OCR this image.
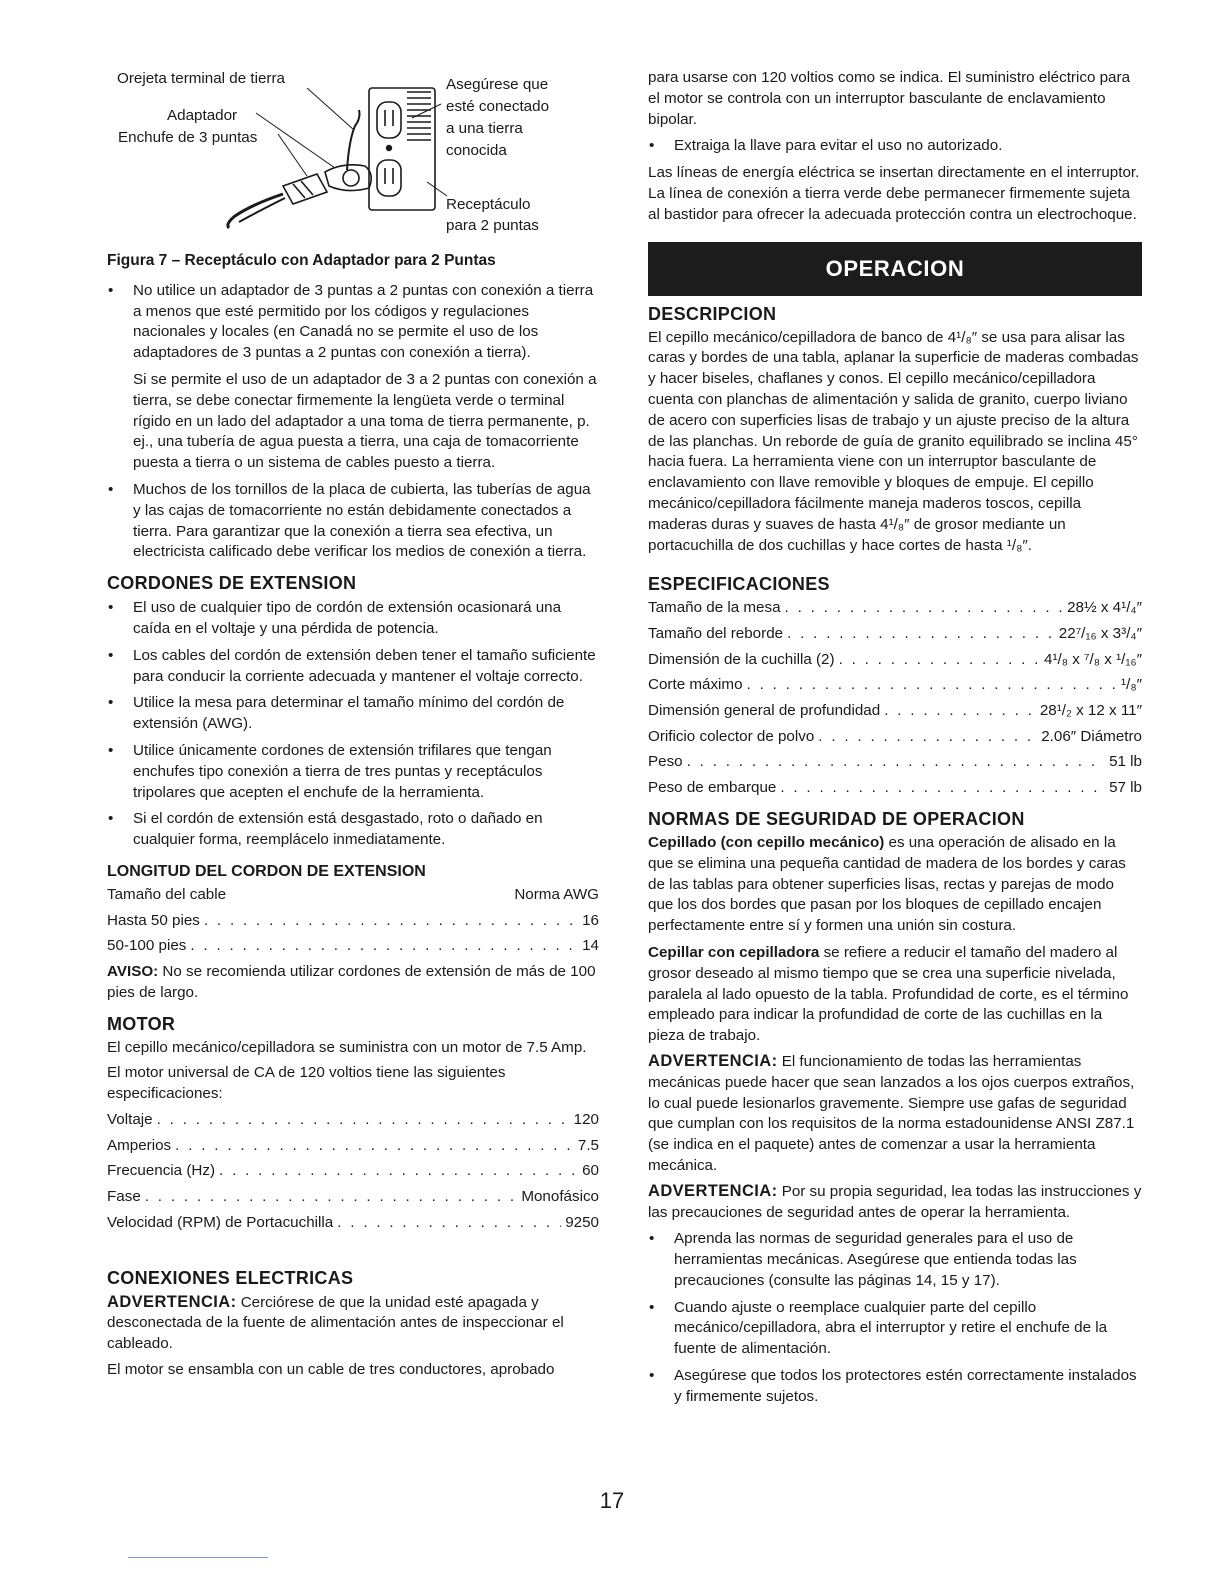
Orejeta terminal de tierra
Adaptador
Enchufe de 3 puntas
Asegúrese que
esté conectado
a una tierra
conocida
Receptáculo
para 2 puntas

Figura 7 – Receptáculo con Adaptador para 2 Puntas

• No utilice un adaptador de 3 puntas a 2 puntas con conexión a tierra a menos que esté permitido por los códigos y regulaciones nacionales y locales (en Canadá no se permite el uso de los adaptadores de 3 puntas a 2 puntas con conexión a tierra).

Si se permite el uso de un adaptador de 3 a 2 puntas con conexión a tierra, se debe conectar firmemente la lengüeta verde o terminal rígido en un lado del adaptador a una toma de tierra permanente, p. ej., una tubería de agua puesta a tierra, una caja de tomacorriente puesta a tierra o un sistema de cables puesto a tierra.

• Muchos de los tornillos de la placa de cubierta, las tuberías de agua y las cajas de tomacorriente no están debidamente conectados a tierra. Para garantizar que la conexión a tierra sea efectiva, un electricista calificado debe verificar los medios de conexión a tierra.
CORDONES DE EXTENSION
• El uso de cualquier tipo de cordón de extensión ocasionará una caída en el voltaje y una pérdida de potencia.
• Los cables del cordón de extensión deben tener el tamaño suficiente para conducir la corriente adecuada y mantener el voltaje correcto.
• Utilice la mesa para determinar el tamaño mínimo del cordón de extensión (AWG).
• Utilice únicamente cordones de extensión trifilares que tengan enchufes tipo conexión a tierra de tres puntas y receptáculos tripolares que acepten el enchufe de la herramienta.
• Si el cordón de extensión está desgastado, roto o dañado en cualquier forma, reemplácelo inmediatamente.
LONGITUD DEL CORDON DE EXTENSION
Tamaño del cable	Norma AWG
Hasta 50 pies . . .	16
50-100 pies . . .	14

AVISO: No se recomienda utilizar cordones de extensión de más de 100 pies de largo.

MOTOR

El cepillo mecánico/cepilladora se suministra con un motor de 7.5 Amp.

El motor universal de CA de 120 voltios tiene las siguientes especificaciones:

Voltaje . . .	120
Amperios . . .	7.5
Frecuencia (Hz) . . .	60
Fase . . .	Monofásico
Velocidad (RPM) de Portacuchilla . . .	9250
CONEXIONES ELECTRICAS

ADVERTENCIA: Cerciórese de que la unidad esté apagada y desconectada de la fuente de alimentación antes de inspeccionar el cableado.

El motor se ensambla con un cable de tres conductores, aprobado

para usarse con 120 voltios como se indica. El suministro eléctrico para el motor se controla con un interruptor basculante de enclavamiento bipolar.

• Extraiga la llave para evitar el uso no autorizado.

Las líneas de energía eléctrica se insertan directamente en el interruptor. La línea de conexión a tierra verde debe permanecer firmemente sujeta al bastidor para ofrecer la adecuada protección contra un electrochoque.

OPERACION
DESCRIPCION

El cepillo mecánico/cepilladora de banco de 4¹/₈″ se usa para alisar las caras y bordes de una tabla, aplanar la superficie de maderas combadas y hacer biseles, chaflanes y conos. El cepillo mecánico/cepilladora cuenta con planchas de alimentación y salida de granito, cuerpo liviano de acero con superficies lisas de trabajo y un ajuste preciso de la altura de las planchas. Un reborde de guía de granito equilibrado se inclina 45° hacia fuera. La herramienta viene con un interruptor basculante de enclavamiento con llave removible y bloques de empuje. El cepillo mecánico/cepilladora fácilmente maneja maderos toscos, cepilla maderas duras y suaves de hasta 4¹/₈″ de grosor mediante un portacuchilla de dos cuchillas y hace cortes de hasta ¹/₈″.

ESPECIFICACIONES
Tamaño de la mesa . . .	28½ x 4¹/₄″
Tamaño del reborde . . .	22⁷/₁₆ x 3³/₄″
Dimensión de la cuchilla (2) . . .	4¹/₈ x ⁷/₈ x ¹/₁₆″
Corte máximo . . .	¹/₈″
Dimensión general de profundidad . . .	28¹/₂ x 12 x 11″
Orificio colector de polvo . . .	2.06″ Diámetro
Peso . . .	51 lb
Peso de embarque . . .	57 lb
NORMAS DE SEGURIDAD DE OPERACION

Cepillado (con cepillo mecánico) es una operación de alisado en la que se elimina una pequeña cantidad de madera de los bordes y caras de las tablas para obtener superficies lisas, rectas y parejas de modo que los dos bordes que pasan por los bloques de cepillado encajen perfectamente entre sí y formen una unión sin costura.

Cepillar con cepilladora se refiere a reducir el tamaño del madero al grosor deseado al mismo tiempo que se crea una superficie nivelada, paralela al lado opuesto de la tabla. Profundidad de corte, es el término empleado para indicar la profundidad de corte de las cuchillas en la pieza de trabajo.

ADVERTENCIA: El funcionamiento de todas las herramientas mecánicas puede hacer que sean lanzados a los ojos cuerpos extraños, lo cual puede lesionarlos gravemente. Siempre use gafas de seguridad que cumplan con los requisitos de la norma estadounidense ANSI Z87.1 (se indica en el paquete) antes de comenzar a usar la herramienta mecánica.

ADVERTENCIA: Por su propia seguridad, lea todas las instrucciones y las precauciones de seguridad antes de operar la herramienta.

• Aprenda las normas de seguridad generales para el uso de herramientas mecánicas. Asegúrese que entienda todas las precauciones (consulte las páginas 14, 15 y 17).
• Cuando ajuste o reemplace cualquier parte del cepillo mecánico/cepilladora, abra el interruptor y retire el enchufe de la fuente de alimentación.
• Asegúrese que todos los protectores estén correctamente instalados y firmemente sujetos.
17
